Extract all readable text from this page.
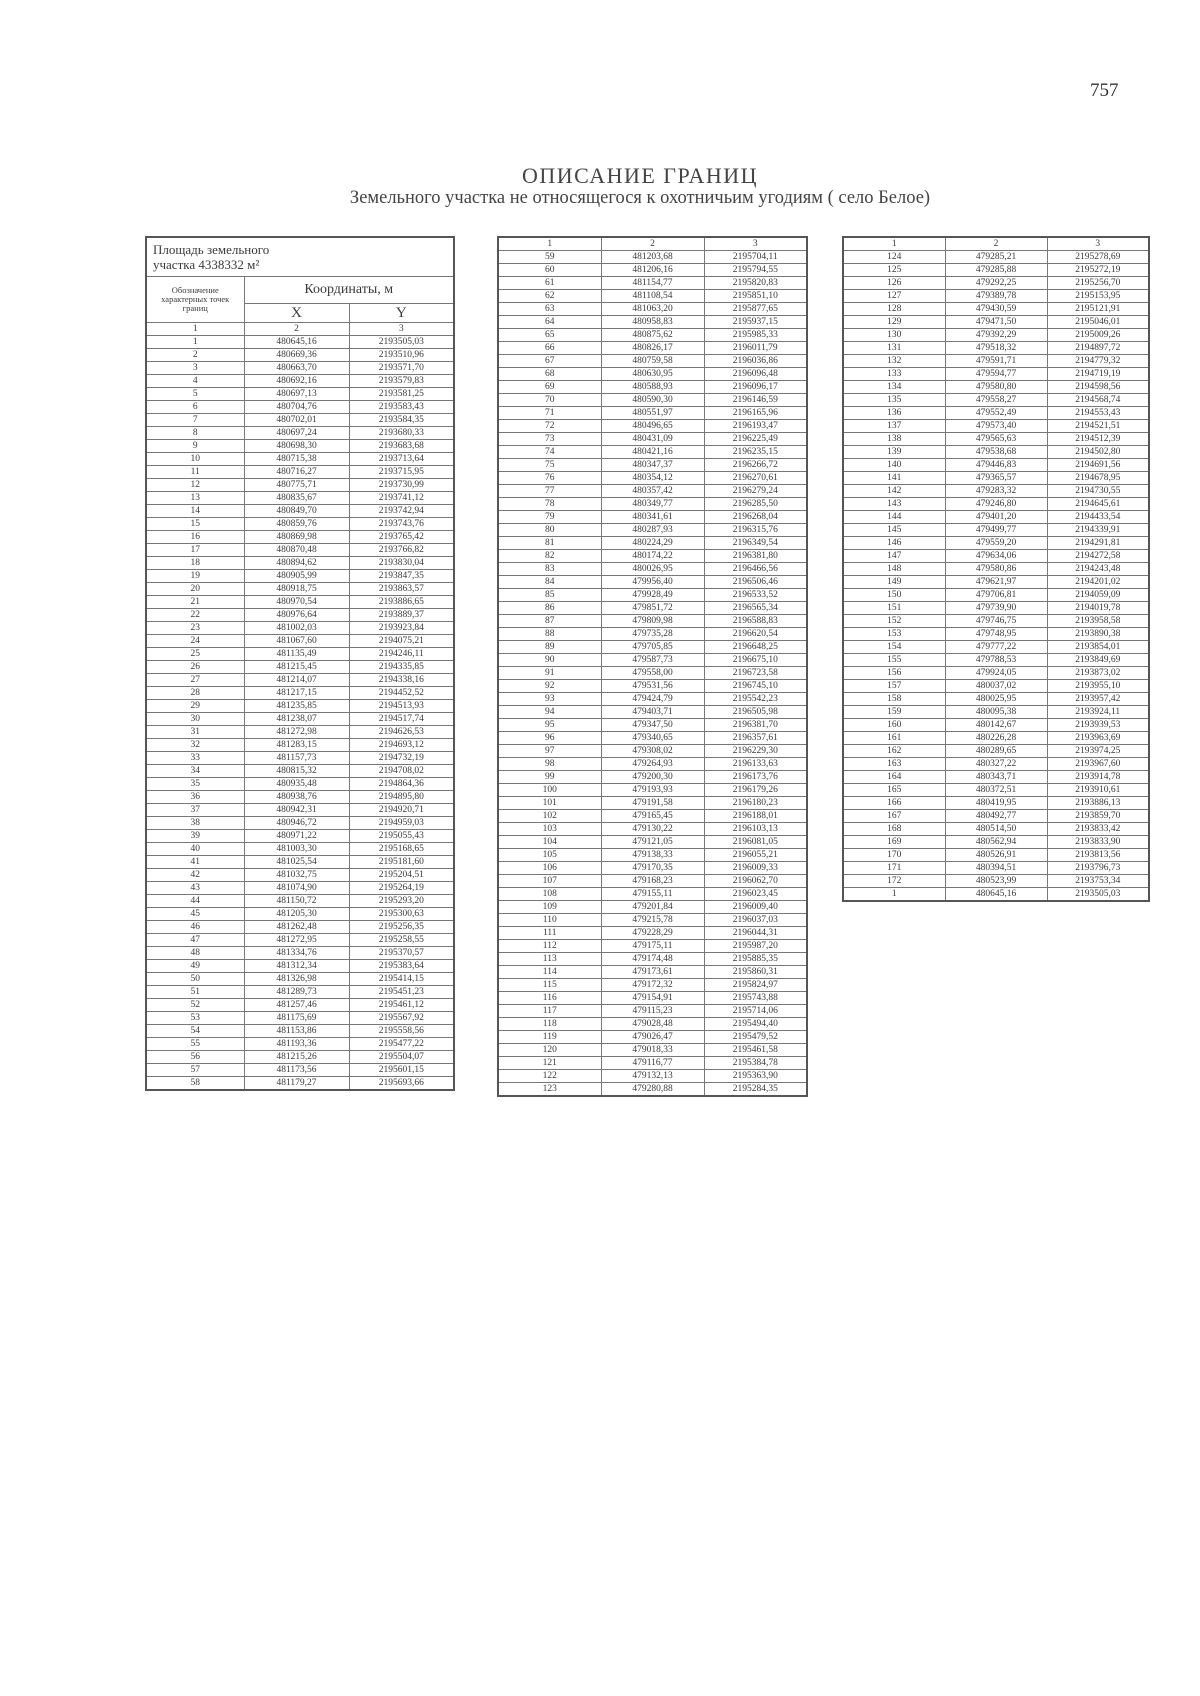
757
ОПИСАНИЕ ГРАНИЦ
Земельного участка не относящегося к охотничьим угодиям ( село Белое)
Площадь земельного
участка 4338332 м²		

Обозначение характерных точек границ	Координаты, м	
	X	Y
1	2	3
1	480645,16	2193505,03
2	480669,36	2193510,96
3	480663,70	2193571,70
4	480692,16	2193579,83
5	480697,13	2193581,25
6	480704,76	2193583,43
7	480702,01	2193584,35
8	480697,24	2193680,33
9	480698,30	2193683,68
10	480715,38	2193713,64
11	480716,27	2193715,95
12	480775,71	2193730,99
13	480835,67	2193741,12
14	480849,70	2193742,94
15	480859,76	2193743,76
16	480869,98	2193765,42
17	480870,48	2193766,82
18	480894,62	2193830,04
19	480905,99	2193847,35
20	480918,75	2193863,57
21	480970,54	2193886,65
22	480976,64	2193889,37
23	481002,03	2193923,84
24	481067,60	2194075,21
25	481135,49	2194246,11
26	481215,45	2194335,85
27	481214,07	2194338,16
28	481217,15	2194452,52
29	481235,85	2194513,93
30	481238,07	2194517,74
31	481272,98	2194626,53
32	481283,15	2194693,12
33	481157,73	2194732,19
34	480815,32	2194708,02
35	480935,48	2194864,36
36	480938,76	2194895,80
37	480942,31	2194920,71
38	480946,72	2194959,03
39	480971,22	2195055,43
40	481003,30	2195168,65
41	481025,54	2195181,60
42	481032,75	2195204,51
43	481074,90	2195264,19
44	481150,72	2195293,20
45	481205,30	2195300,63
46	481262,48	2195256,35
47	481272,95	2195258,55
48	481334,76	2195370,57
49	481312,34	2195383,64
50	481326,98	2195414,15
51	481289,73	2195451,23
52	481257,46	2195461,12
53	481175,69	2195567,92
54	481153,86	2195558,56
55	481193,36	2195477,22
56	481215,26	2195504,07
57	481173,56	2195601,15
58	481179,27	2195693,66
1	2	3
59	481203,68	2195704,11
60	481206,16	2195794,55
61	481154,77	2195820,83
62	481108,54	2195851,10
63	481063,20	2195877,65
64	480958,83	2195937,15
65	480875,62	2195985,33
66	480826,17	2196011,79
67	480759,58	2196036,86
68	480630,95	2196096,48
69	480588,93	2196096,17
70	480590,30	2196146,59
71	480551,97	2196165,96
72	480496,65	2196193,47
73	480431,09	2196225,49
74	480421,16	2196235,15
75	480347,37	2196266,72
76	480354,12	2196270,61
77	480357,42	2196279,24
78	480349,77	2196285,50
79	480341,61	2196268,04
80	480287,93	2196315,76
81	480224,29	2196349,54
82	480174,22	2196381,80
83	480026,95	2196466,56
84	479956,40	2196506,46
85	479928,49	2196533,52
86	479851,72	2196565,34
87	479809,98	2196588,83
88	479735,28	2196620,54
89	479705,85	2196648,25
90	479587,73	2196675,10
91	479558,00	2196723,58
92	479531,56	2196745,10
93	479424,79	2195542,23
94	479403,71	2196505,98
95	479347,50	2196381,70
96	479340,65	2196357,61
97	479308,02	2196229,30
98	479264,93	2196133,63
99	479200,30	2196173,76
100	479193,93	2196179,26
101	479191,58	2196180,23
102	479165,45	2196188,01
103	479130,22	2196103,13
104	479121,05	2196081,05
105	479138,33	2196055,21
106	479170,35	2196009,33
107	479168,23	2196062,70
108	479155,11	2196023,45
109	479201,84	2196009,40
110	479215,78	2196037,03
111	479228,29	2196044,31
112	479175,11	2195987,20
113	479174,48	2195885,35
114	479173,61	2195860,31
115	479172,32	2195824,97
116	479154,91	2195743,88
117	479115,23	2195714,06
118	479028,48	2195494,40
119	479026,47	2195479,52
120	479018,33	2195461,58
121	479116,77	2195384,78
122	479132,13	2195363,90
123	479280,88	2195284,35
1	2	3
124	479285,21	2195278,69
125	479285,88	2195272,19
126	479292,25	2195256,70
127	479389,78	2195153,95
128	479430,59	2195121,91
129	479471,50	2195046,01
130	479392,29	2195009,26
131	479518,32	2194897,72
132	479591,71	2194779,32
133	479594,77	2194719,19
134	479580,80	2194598,56
135	479558,27	2194568,74
136	479552,49	2194553,43
137	479573,40	2194521,51
138	479565,63	2194512,39
139	479538,68	2194502,80
140	479446,83	2194691,56
141	479365,57	2194678,95
142	479283,32	2194730,55
143	479246,80	2194645,61
144	479401,20	2194433,54
145	479499,77	2194339,91
146	479559,20	2194291,81
147	479634,06	2194272,58
148	479580,86	2194243,48
149	479621,97	2194201,02
150	479706,81	2194059,09
151	479739,90	2194019,78
152	479746,75	2193958,58
153	479748,95	2193890,38
154	479777,22	2193854,01
155	479788,53	2193849,69
156	479924,05	2193873,02
157	480037,02	2193955,10
158	480025,95	2193957,42
159	480095,38	2193924,11
160	480142,67	2193939,53
161	480226,28	2193963,69
162	480289,65	2193974,25
163	480327,22	2193967,60
164	480343,71	2193914,78
165	480372,51	2193910,61
166	480419,95	2193886,13
167	480492,77	2193859,70
168	480514,50	2193833,42
169	480562,94	2193833,90
170	480526,91	2193813,56
171	480394,51	2193796,73
172	480523,99	2193753,34
1	480645,16	2193505,03
